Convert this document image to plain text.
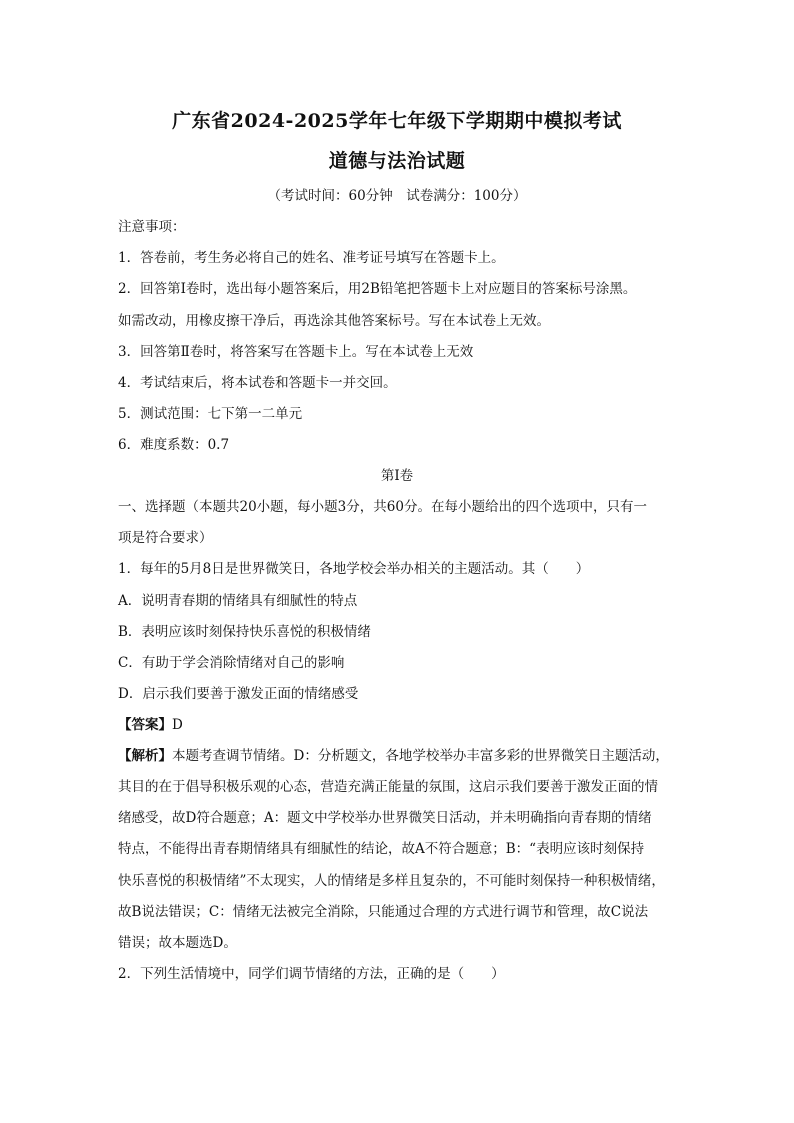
广东省2024-2025学年七年级下学期期中模拟考试
道德与法治试题
（考试时间：60分钟　试卷满分：100分）
注意事项：
1．答卷前，考生务必将自己的姓名、准考证号填写在答题卡上。
2．回答第Ⅰ卷时，选出每小题答案后，用2B铅笔把答题卡上对应题目的答案标号涂黑。
如需改动，用橡皮擦干净后，再选涂其他答案标号。写在本试卷上无效。
3．回答第Ⅱ卷时，将答案写在答题卡上。写在本试卷上无效
4．考试结束后，将本试卷和答题卡一并交回。
5．测试范围：七下第一二单元
6．难度系数：0.7
第Ⅰ卷
一、选择题（本题共20小题，每小题3分，共60分。在每小题给出的四个选项中，只有一
项是符合要求）
1．每年的5月8日是世界微笑日，各地学校会举办相关的主题活动。其（　　）
A．说明青春期的情绪具有细腻性的特点
B．表明应该时刻保持快乐喜悦的积极情绪
C．有助于学会消除情绪对自己的影响
D．启示我们要善于激发正面的情绪感受
【答案】D
【解析】本题考查调节情绪。D：分析题文，各地学校举办丰富多彩的世界微笑日主题活动，
其目的在于倡导积极乐观的心态，营造充满正能量的氛围，这启示我们要善于激发正面的情
绪感受，故D符合题意；A：题文中学校举办世界微笑日活动，并未明确指向青春期的情绪
特点，不能得出青春期情绪具有细腻性的结论，故A不符合题意；B：“表明应该时刻保持
快乐喜悦的积极情绪”不太现实，人的情绪是多样且复杂的，不可能时刻保持一种积极情绪，
故B说法错误；C：情绪无法被完全消除，只能通过合理的方式进行调节和管理，故C说法
错误；故本题选D。
2．下列生活情境中，同学们调节情绪的方法，正确的是（　　）
